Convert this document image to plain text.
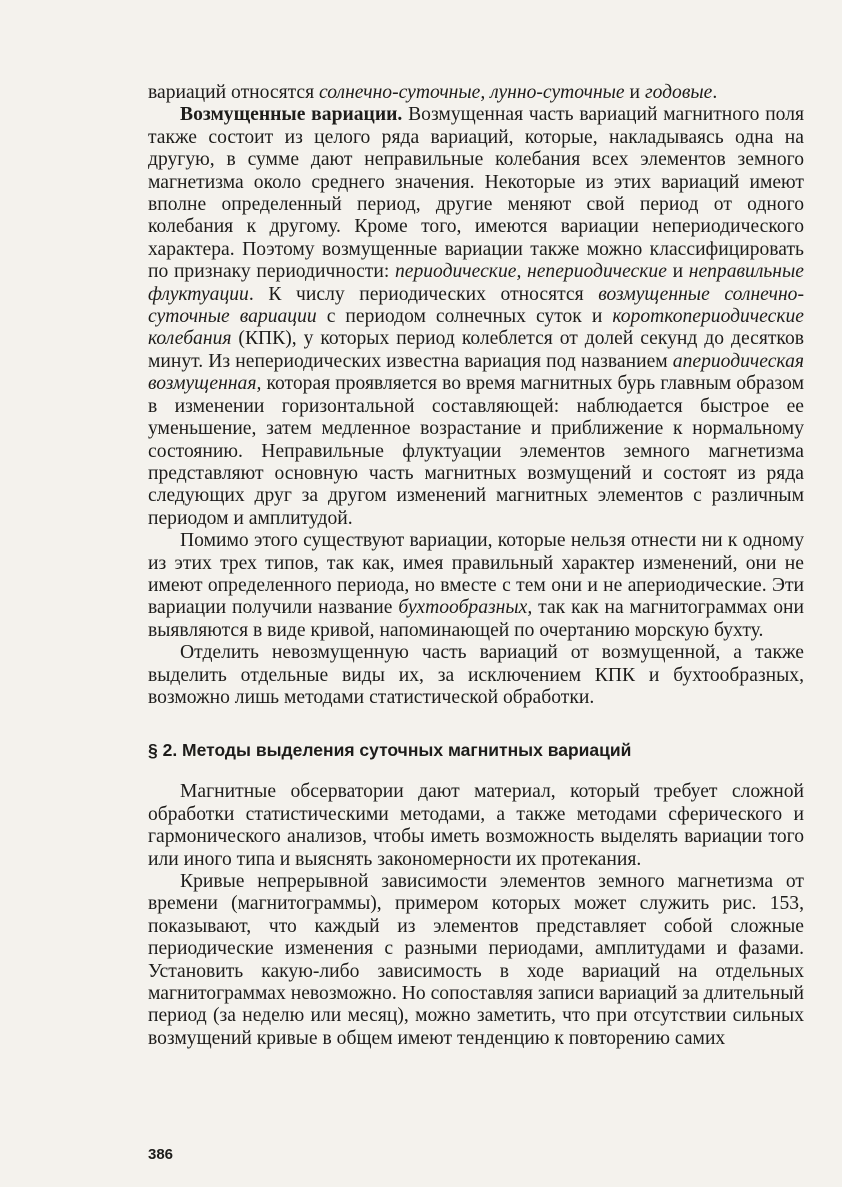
вариаций относятся солнечно-суточные, лунно-суточные и годовые.

Возмущенные вариации. Возмущенная часть вариаций магнитного поля также состоит из целого ряда вариаций, которые, накладываясь одна на другую, в сумме дают неправильные колебания всех элементов земного магнетизма около среднего значения. Некоторые из этих вариаций имеют вполне определенный период, другие меняют свой период от одного колебания к другому. Кроме того, имеются вариации непериодического характера. Поэтому возмущенные вариации также можно классифицировать по признаку периодичности: периодические, непериодические и неправильные флуктуации. К числу периодических относятся возмущенные солнечно-суточные вариации с периодом солнечных суток и короткопериодические колебания (КПК), у которых период колеблется от долей секунд до десятков минут. Из непериодических известна вариация под названием апериодическая возмущенная, которая проявляется во время магнитных бурь главным образом в изменении горизонтальной составляющей: наблюдается быстрое ее уменьшение, затем медленное возрастание и приближение к нормальному состоянию. Неправильные флуктуации элементов земного магнетизма представляют основную часть магнитных возмущений и состоят из ряда следующих друг за другом изменений магнитных элементов с различным периодом и амплитудой.

Помимо этого существуют вариации, которые нельзя отнести ни к одному из этих трех типов, так как, имея правильный характер изменений, они не имеют определенного периода, но вместе с тем они и не апериодические. Эти вариации получили название бухтообразных, так как на магнитограммах они выявляются в виде кривой, напоминающей по очертанию морскую бухту.

Отделить невозмущенную часть вариаций от возмущенной, а также выделить отдельные виды их, за исключением КПК и бухтообразных, возможно лишь методами статистической обработки.

§ 2. Методы выделения суточных магнитных вариаций

Магнитные обсерватории дают материал, который требует сложной обработки статистическими методами, а также методами сферического и гармонического анализов, чтобы иметь возможность выделять вариации того или иного типа и выяснять закономерности их протекания.

Кривые непрерывной зависимости элементов земного магнетизма от времени (магнитограммы), примером которых может служить рис. 153, показывают, что каждый из элементов представляет собой сложные периодические изменения с разными периодами, амплитудами и фазами. Установить какую-либо зависимость в ходе вариаций на отдельных магнитограммах невозможно. Но сопоставляя записи вариаций за длительный период (за неделю или месяц), можно заметить, что при отсутствии сильных возмущений кривые в общем имеют тенденцию к повторению самих

386
